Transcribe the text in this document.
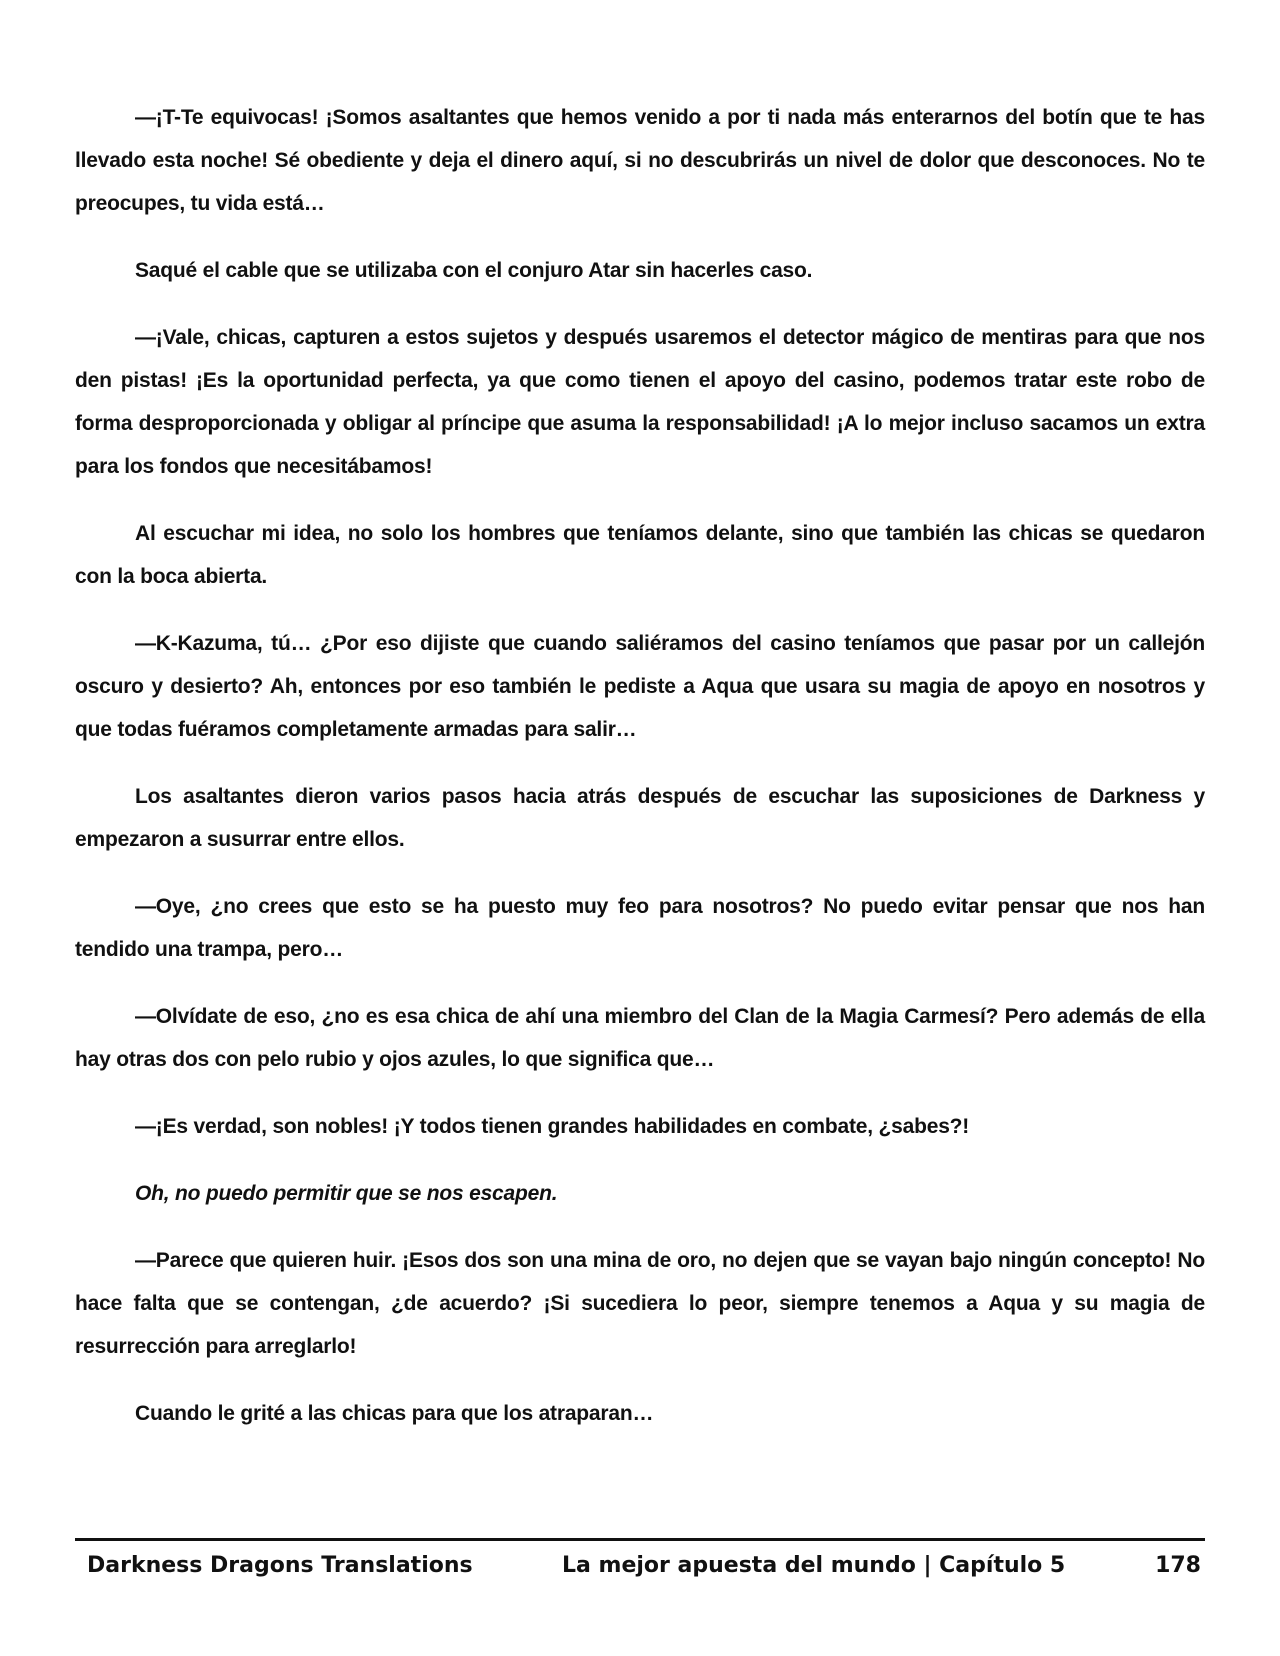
—¡T-Te equivocas! ¡Somos asaltantes que hemos venido a por ti nada más enterarnos del botín que te has llevado esta noche! Sé obediente y deja el dinero aquí, si no descubrirás un nivel de dolor que desconoces. No te preocupes, tu vida está…

Saqué el cable que se utilizaba con el conjuro Atar sin hacerles caso.

—¡Vale, chicas, capturen a estos sujetos y después usaremos el detector mágico de mentiras para que nos den pistas! ¡Es la oportunidad perfecta, ya que como tienen el apoyo del casino, podemos tratar este robo de forma desproporcionada y obligar al príncipe que asuma la responsabilidad! ¡A lo mejor incluso sacamos un extra para los fondos que necesitábamos!

Al escuchar mi idea, no solo los hombres que teníamos delante, sino que también las chicas se quedaron con la boca abierta.

—K-Kazuma, tú… ¿Por eso dijiste que cuando saliéramos del casino teníamos que pasar por un callejón oscuro y desierto? Ah, entonces por eso también le pediste a Aqua que usara su magia de apoyo en nosotros y que todas fuéramos completamente armadas para salir…

Los asaltantes dieron varios pasos hacia atrás después de escuchar las suposiciones de Darkness y empezaron a susurrar entre ellos.

—Oye, ¿no crees que esto se ha puesto muy feo para nosotros? No puedo evitar pensar que nos han tendido una trampa, pero…

—Olvídate de eso, ¿no es esa chica de ahí una miembro del Clan de la Magia Carmesí? Pero además de ella hay otras dos con pelo rubio y ojos azules, lo que significa que…

—¡Es verdad, son nobles! ¡Y todos tienen grandes habilidades en combate, ¿sabes?!

Oh, no puedo permitir que se nos escapen.

—Parece que quieren huir. ¡Esos dos son una mina de oro, no dejen que se vayan bajo ningún concepto! No hace falta que se contengan, ¿de acuerdo? ¡Si sucediera lo peor, siempre tenemos a Aqua y su magia de resurrección para arreglarlo!

Cuando le grité a las chicas para que los atraparan…

Darkness Dragons Translations	La mejor apuesta del mundo | Capítulo 5	178
